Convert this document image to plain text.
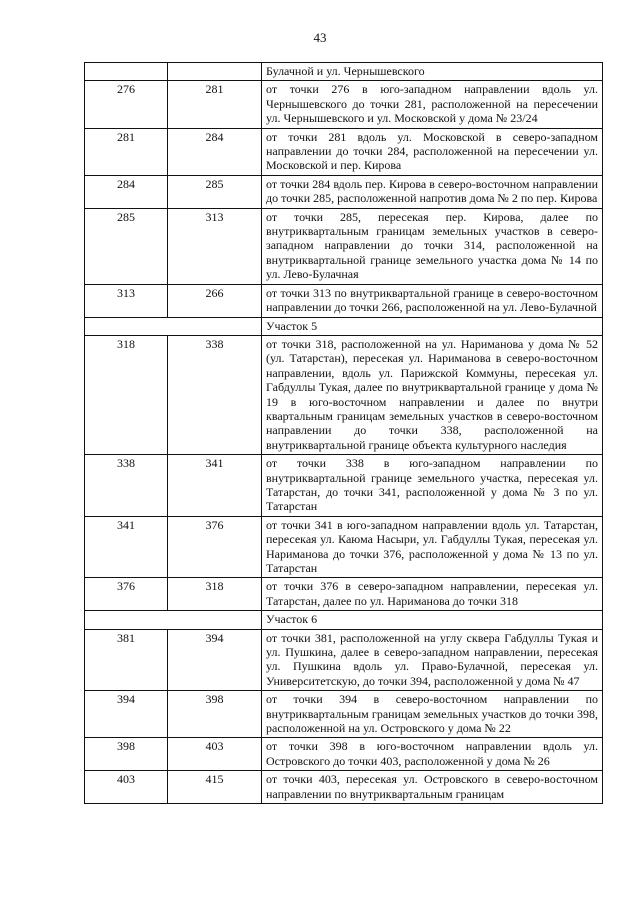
43
		Булачной и ул. Чернышевского
276	281	от точки 276 в юго-западном направлении вдоль ул. Чернышевского до точки 281, расположенной на пересечении ул. Чернышевского и ул. Московской у дома № 23/24
281	284	от точки 281 вдоль ул. Московской в северо-западном направлении до точки 284, расположенной на пересечении ул. Московской и пер. Кирова
284	285	от точки 284 вдоль пер. Кирова в северо-восточном направлении до точки 285, расположенной напротив дома № 2 по пер. Кирова
285	313	от точки 285, пересекая пер. Кирова, далее по внутриквартальным границам земельных участков в северо-западном направлении до точки 314, расположенной на внутриквартальной границе земельного участка дома № 14 по ул. Лево-Булачная
313	266	от точки 313 по внутриквартальной границе в северо-восточном направлении до точки 266, расположенной на ул. Лево-Булачной
		Участок 5
318	338	от точки 318, расположенной на ул. Нариманова у дома № 52 (ул. Татарстан), пересекая ул. Нариманова в северо-восточном направлении, вдоль ул. Парижской Коммуны, пересекая ул. Габдуллы Тукая, далее по внутриквартальной границе у дома № 19 в юго-восточном направлении и далее по внутри квартальным границам земельных участков в северо-восточном направлении до точки 338, расположенной на внутриквартальной границе объекта культурного наследия
338	341	от точки 338 в юго-западном направлении по внутриквартальной границе земельного участка, пересекая ул. Татарстан, до точки 341, расположенной у дома № 3 по ул. Татарстан
341	376	от точки 341 в юго-западном направлении вдоль ул. Татарстан, пересекая ул. Каюма Насыри, ул. Габдуллы Тукая, пересекая ул. Нариманова до точки 376, расположенной у дома № 13 по ул. Татарстан
376	318	от точки 376 в северо-западном направлении, пересекая ул. Татарстан, далее по ул. Нариманова до точки 318
		Участок 6
381	394	от точки 381, расположенной на углу сквера Габдуллы Тукая и ул. Пушкина, далее в северо-западном направлении, пересекая ул. Пушкина вдоль ул. Право-Булачной, пересекая ул. Университетскую, до точки 394, расположенной у дома № 47
394	398	от точки 394 в северо-восточном направлении по внутриквартальным границам земельных участков до точки 398, расположенной на ул. Островского у дома № 22
398	403	от точки 398 в юго-восточном направлении вдоль ул. Островского до точки 403, расположенной у дома № 26
403	415	от точки 403, пересекая ул. Островского в северо-восточном направлении по внутриквартальным границам
